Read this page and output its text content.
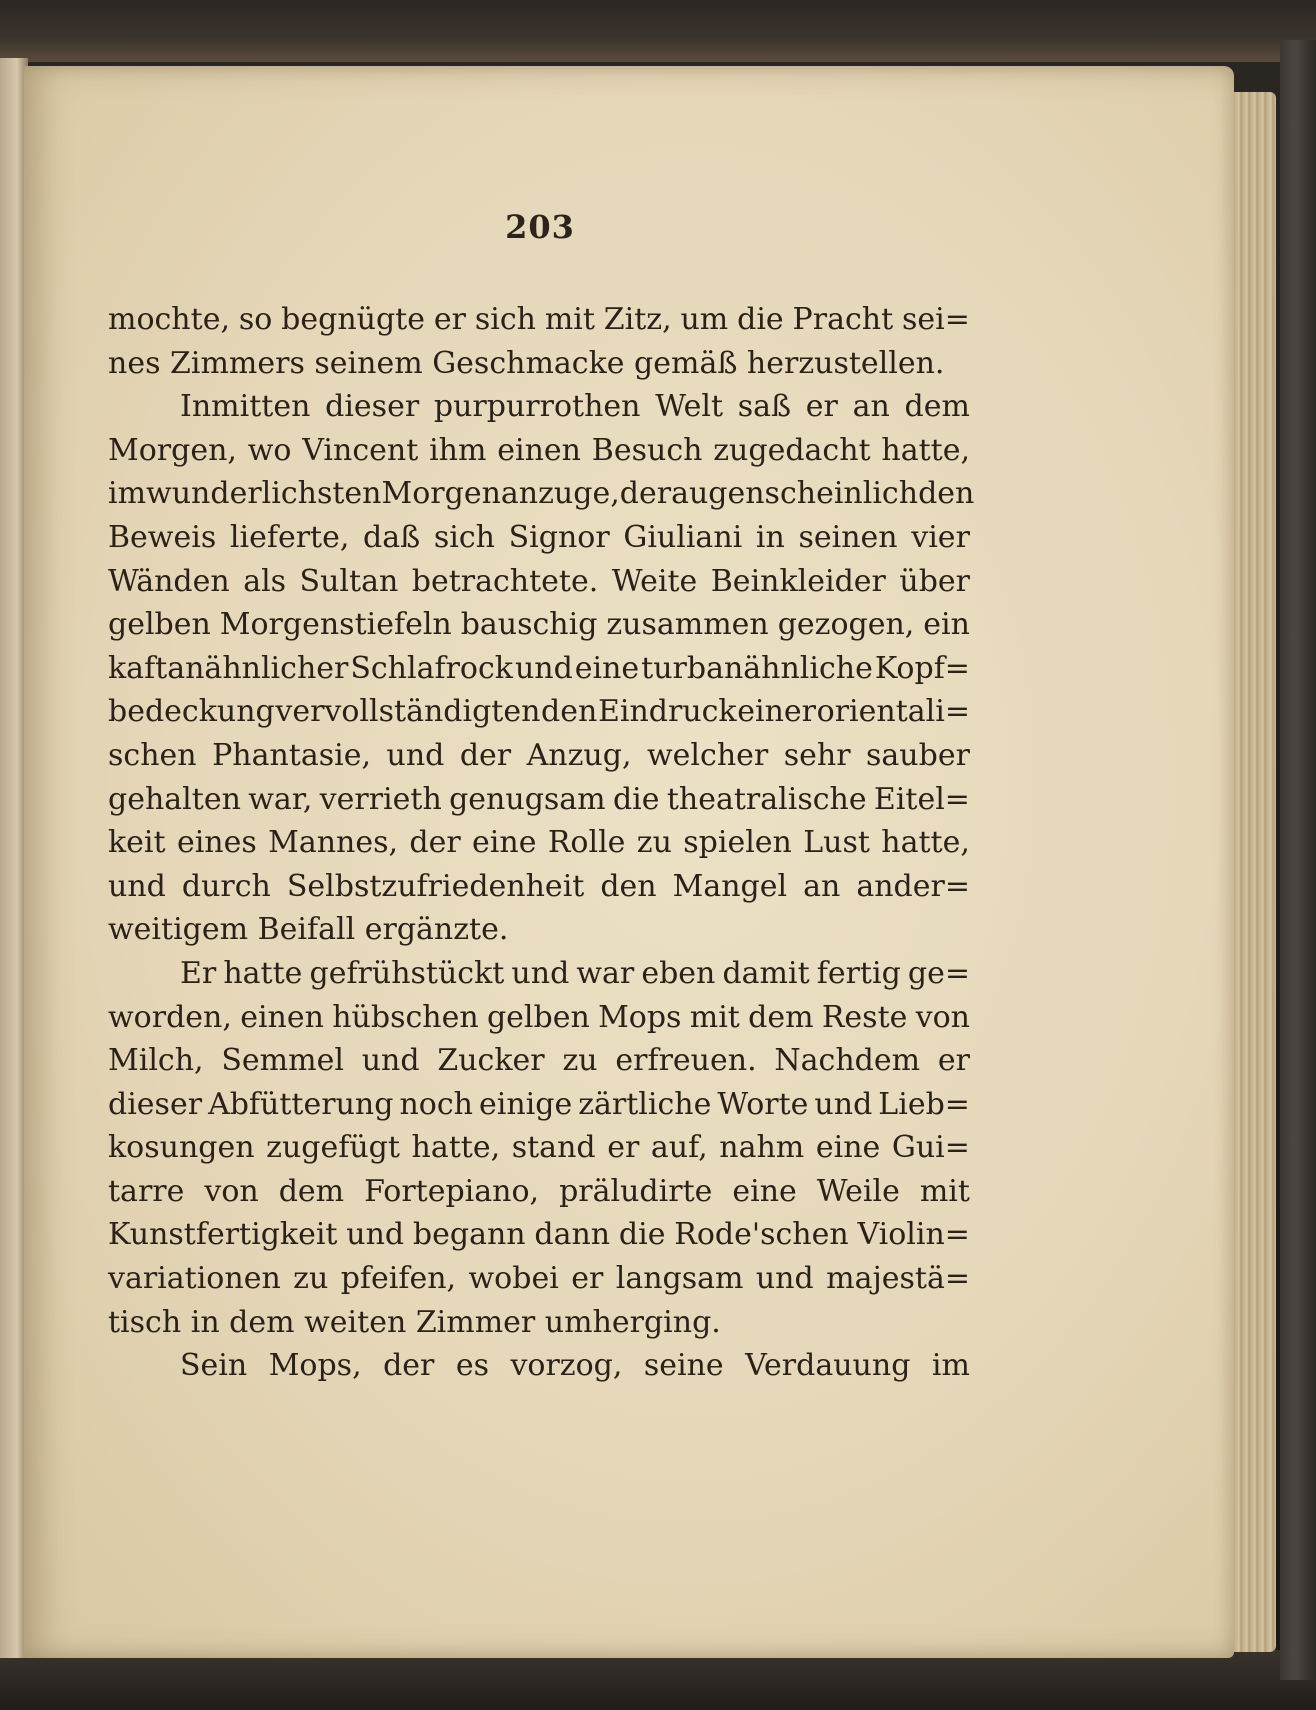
203
mochte, so begnügte er sich mit Zitz, um die Pracht sei=
nes Zimmers seinem Geschmacke gemäß herzustellen.
Inmitten dieser purpurrothen Welt saß er an dem
Morgen, wo Vincent ihm einen Besuch zugedacht hatte,
im wunderlichsten Morgenanzuge, der augenscheinlich den
Beweis lieferte, daß sich Signor Giuliani in seinen vier
Wänden als Sultan betrachtete. Weite Beinkleider über
gelben Morgenstiefeln bauschig zusammen gezogen, ein
kaftanähnlicher Schlafrock und eine turbanähnliche Kopf=
bedeckung vervollständigten den Eindruck einer orientali=
schen Phantasie, und der Anzug, welcher sehr sauber
gehalten war, verrieth genugsam die theatralische Eitel=
keit eines Mannes, der eine Rolle zu spielen Lust hatte,
und durch Selbstzufriedenheit den Mangel an ander=
weitigem Beifall ergänzte.
Er hatte gefrühstückt und war eben damit fertig ge=
worden, einen hübschen gelben Mops mit dem Reste von
Milch, Semmel und Zucker zu erfreuen. Nachdem er
dieser Abfütterung noch einige zärtliche Worte und Lieb=
kosungen zugefügt hatte, stand er auf, nahm eine Gui=
tarre von dem Fortepiano, präludirte eine Weile mit
Kunstfertigkeit und begann dann die Rode'schen Violin=
variationen zu pfeifen, wobei er langsam und majestä=
tisch in dem weiten Zimmer umherging.
Sein Mops, der es vorzog, seine Verdauung im
